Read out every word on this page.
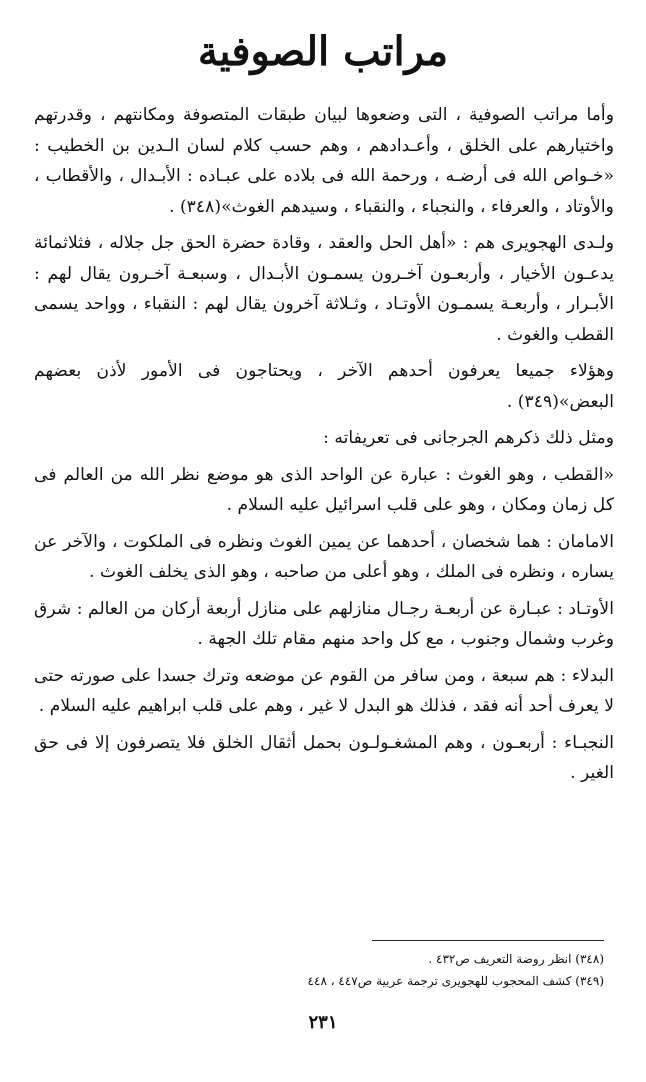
مراتب الصوفية

وأما مراتب الصوفية ، التى وضعوها لبيان طبقات المتصوفة ومكانتهم ، وقدرتهم واختيارهم على الخلق ، وأعـدادهم ، وهم حسب كلام لسان الـدين بن الخطيب : «خـواص الله فى أرضـه ، ورحمة الله فى بلاده على عبـاده : الأبـدال ، والأقطاب ، والأوتاد ، والعرفاء ، والنجباء ، والنقباء ، وسيدهم الغوث»(٣٤٨) .

ولـدى الهجويرى هم : «أهل الحل والعقد ، وقادة حضرة الحق جل جلاله ، فثلاثمائة يدعـون الأخيار ، وأربعـون آخـرون يسمـون الأبـدال ، وسبعـة آخـرون يقال لهم : الأبـرار ، وأربعـة يسمـون الأوتـاد ، وثـلاثة آخرون يقال لهم : النقباء ، وواحد يسمى القطب والغوث .

وهؤلاء جميعا يعرفون أحدهم الآخر ، ويحتاجون فى الأمور لأذن بعضهم البعض»(٣٤٩) .

ومثل ذلك ذكرهم الجرجانى فى تعريفاته :

«القطب ، وهو الغوث : عبارة عن الواحد الذى هو موضع نظر الله من العالم فى كل زمان ومكان ، وهو على قلب اسرائيل عليه السلام .

الامامان : هما شخصان ، أحدهما عن يمين الغوث ونظره فى الملكوت ، والآخر عن يساره ، ونظره فى الملك ، وهو أعلى من صاحبه ، وهو الذى يخلف الغوث .

الأوتـاد : عبـارة عن أربعـة رجـال منازلهم على منازل أربعة أركان من العالم : شرق وغرب وشمال وجنوب ، مع كل واحد منهم مقام تلك الجهة .

البدلاء : هم سبعة ، ومن سافر من القوم عن موضعه وترك جسدا على صورته حتى لا يعرف أحد أنه فقد ، فذلك هو البدل لا غير ، وهم على قلب ابراهيم عليه السلام .

النجبـاء : أربعـون ، وهم المشغـولـون بحمل أثقال الخلق فلا يتصرفون إلا فى حق الغير .

(٣٤٨) انظر روضة التعريف ص٤٣٢ .
(٣٤٩) كشف المحجوب للهجويرى ترجمة عربية ص٤٤٧ ، ٤٤٨
٢٣١
